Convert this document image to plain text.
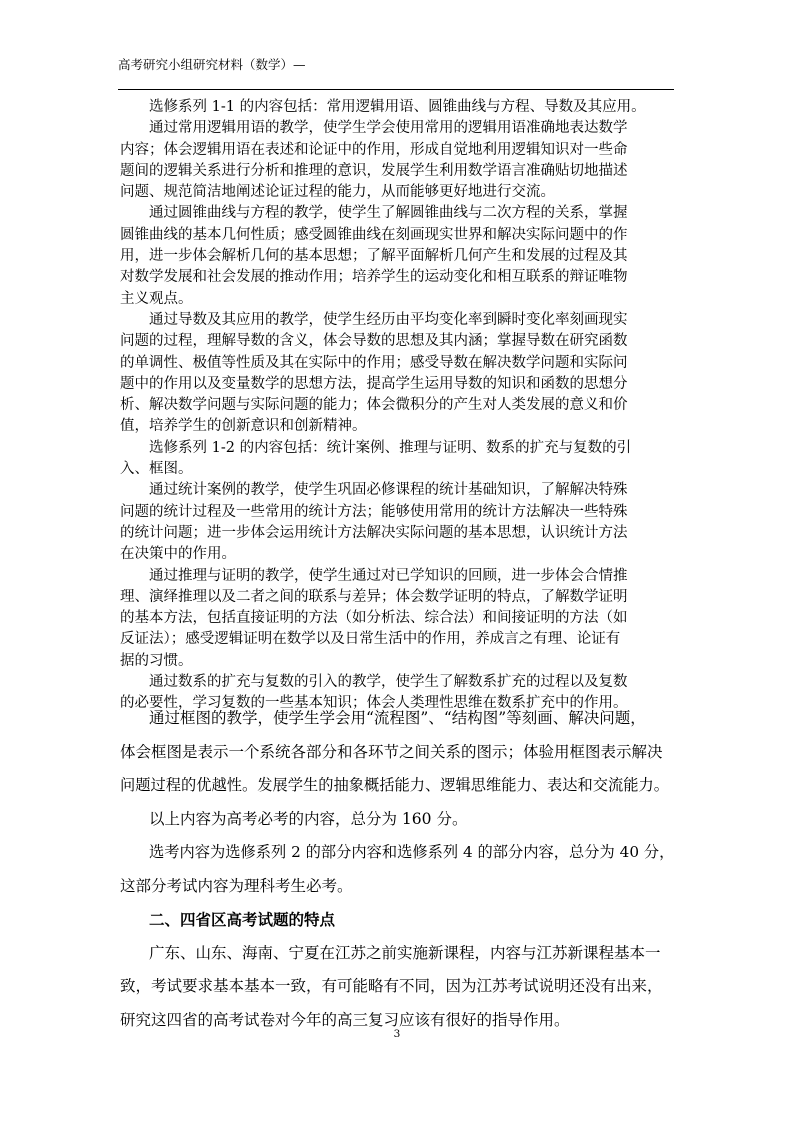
高考研究小组研究材料（数学）—

选修系列 1-1 的内容包括：常用逻辑用语、圆锥曲线与方程、导数及其应用。

通过常用逻辑用语的教学，使学生学会使用常用的逻辑用语准确地表达数学

内容；体会逻辑用语在表述和论证中的作用，形成自觉地利用逻辑知识对一些命

题间的逻辑关系进行分析和推理的意识，发展学生利用数学语言准确贴切地描述

问题、规范简洁地阐述论证过程的能力，从而能够更好地进行交流。

通过圆锥曲线与方程的教学，使学生了解圆锥曲线与二次方程的关系，掌握

圆锥曲线的基本几何性质；感受圆锥曲线在刻画现实世界和解决实际问题中的作

用，进一步体会解析几何的基本思想；了解平面解析几何产生和发展的过程及其

对数学发展和社会发展的推动作用；培养学生的运动变化和相互联系的辩证唯物

主义观点。

通过导数及其应用的教学，使学生经历由平均变化率到瞬时变化率刻画现实

问题的过程，理解导数的含义，体会导数的思想及其内涵；掌握导数在研究函数

的单调性、极值等性质及其在实际中的作用；感受导数在解决数学问题和实际问

题中的作用以及变量数学的思想方法，提高学生运用导数的知识和函数的思想分

析、解决数学问题与实际问题的能力；体会微积分的产生对人类发展的意义和价

值，培养学生的创新意识和创新精神。

选修系列 1-2 的内容包括：统计案例、推理与证明、数系的扩充与复数的引

入、框图。

通过统计案例的教学，使学生巩固必修课程的统计基础知识，了解解决特殊

问题的统计过程及一些常用的统计方法；能够使用常用的统计方法解决一些特殊

的统计问题；进一步体会运用统计方法解决实际问题的基本思想，认识统计方法

在决策中的作用。

通过推理与证明的教学，使学生通过对已学知识的回顾，进一步体会合情推

理、演绎推理以及二者之间的联系与差异；体会数学证明的特点，了解数学证明

的基本方法，包括直接证明的方法（如分析法、综合法）和间接证明的方法（如

反证法）；感受逻辑证明在数学以及日常生活中的作用，养成言之有理、论证有

据的习惯。

通过数系的扩充与复数的引入的教学，使学生了解数系扩充的过程以及复数

的必要性，学习复数的一些基本知识；体会人类理性思维在数系扩充中的作用。

通过框图的教学，使学生学会用“流程图”、“结构图”等刻画、解决问题，

体会框图是表示一个系统各部分和各环节之间关系的图示；体验用框图表示解决

问题过程的优越性。发展学生的抽象概括能力、逻辑思维能力、表达和交流能力。

以上内容为高考必考的内容，总分为 160 分。

选考内容为选修系列 2 的部分内容和选修系列 4 的部分内容，总分为 40 分，

这部分考试内容为理科考生必考。

二、四省区高考试题的特点

广东、山东、海南、宁夏在江苏之前实施新课程，内容与江苏新课程基本一

致，考试要求基本基本一致，有可能略有不同，因为江苏考试说明还没有出来，

研究这四省的高考试卷对今年的高三复习应该有很好的指导作用。

3
